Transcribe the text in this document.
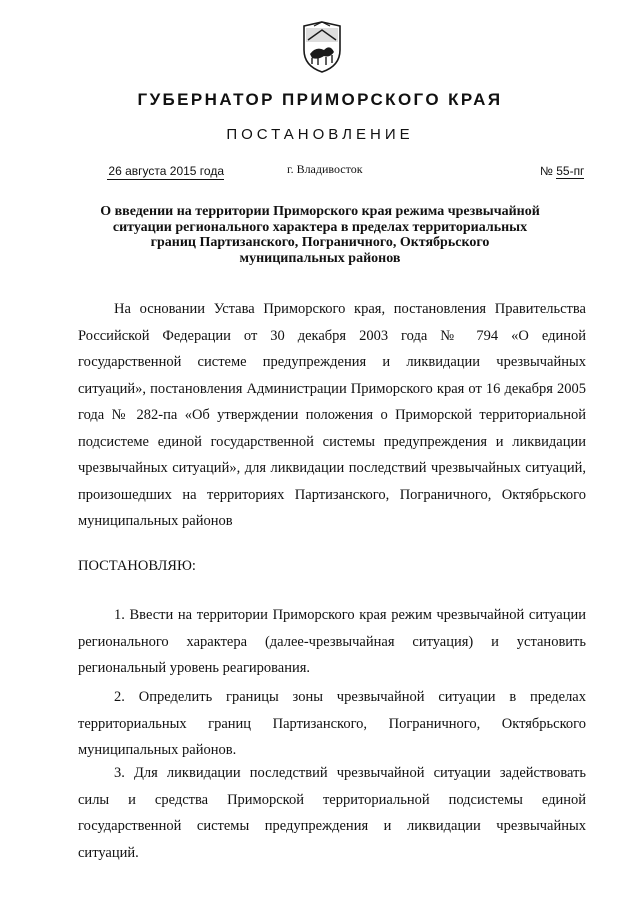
ГУБЕРНАТОР ПРИМОРСКОГО КРАЯ
ПОСТАНОВЛЕНИЕ
26 августа 2015 года	г. Владивосток	№ 55-пг
О введении на территории Приморского края режима чрезвычайной ситуации регионального характера в пределах территориальных границ Партизанского, Пограничного, Октябрьского муниципальных районов

На основании Устава Приморского края, постановления Правительства Российской Федерации от 30 декабря 2003 года № 794 «О единой государственной системе предупреждения и ликвидации чрезвычайных ситуаций», постановления Администрации Приморского края от 16 декабря 2005 года № 282-па «Об утверждении положения о Приморской территориальной подсистеме единой государственной системы предупреждения и ликвидации чрезвычайных ситуаций», для ликвидации последствий чрезвычайных ситуаций, произошедших на территориях Партизанского, Пограничного, Октябрьского муниципальных районов

ПОСТАНОВЛЯЮ:

1. Ввести на территории Приморского края режим чрезвычайной ситуации регионального характера (далее-чрезвычайная ситуация) и установить региональный уровень реагирования.

2. Определить границы зоны чрезвычайной ситуации в пределах территориальных границ Партизанского, Пограничного, Октябрьского муниципальных районов.

3. Для ликвидации последствий чрезвычайной ситуации задействовать силы и средства Приморской территориальной подсистемы единой государственной системы предупреждения и ликвидации чрезвычайных ситуаций.
